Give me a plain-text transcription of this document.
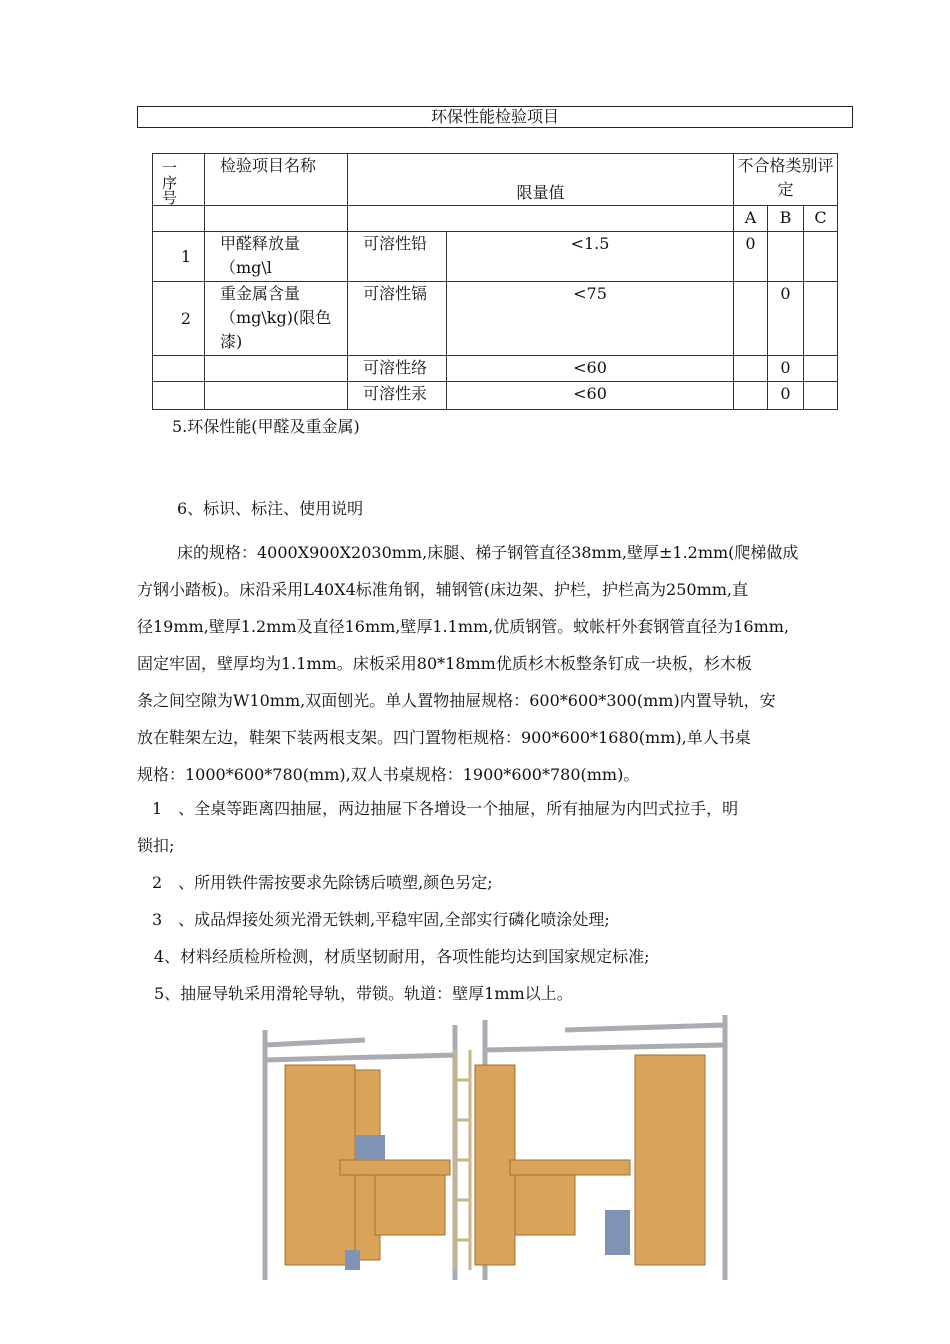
环保性能检验项目
一序号	检验项目名称	限量值		不合格类别评定		
				A	B	C
1	甲醛释放量（mg\l	可溶性铅	<1.5	0		
2	重金属含量（mg\kg)(限色漆)	可溶性镉	<75		0	
		可溶性络	<60		0	
		可溶性汞	<60		0	
5.环保性能(甲醛及重金属)
6、标识、标注、使用说明
床的规格：4000X900X2030mm,床腿、梯子钢管直径38mm,壁厚±1.2mm(爬梯做成
方钢小踏板)。床沿采用L40X4标准角钢，辅钢管(床边架、护栏，护栏高为250mm,直
径19mm,壁厚1.2mm及直径16mm,壁厚1.1mm,优质钢管。蚊帐杆外套钢管直径为16mm,
固定牢固，壁厚均为1.1mm。床板采用80*18mm优质杉木板整条钉成一块板，杉木板
条之间空隙为W10mm,双面刨光。单人置物抽屉规格：600*600*300(mm)内置导轨，安
放在鞋架左边，鞋架下装两根支架。四门置物柜规格：900*600*1680(mm),单人书桌
规格：1000*600*780(mm),双人书桌规格：1900*600*780(mm)。
1　、全桌等距离四抽屉，两边抽屉下各增设一个抽屉，所有抽屉为内凹式拉手，明
锁扣;
2　、所用铁件需按要求先除锈后喷塑,颜色另定;
3　、成品焊接处须光滑无铁刺,平稳牢固,全部实行磷化喷涂处理;
4、材料经质检所检测，材质坚韧耐用，各项性能均达到国家规定标准;
5、抽屉导轨采用滑轮导轨，带锁。轨道：壁厚1mm以上。
